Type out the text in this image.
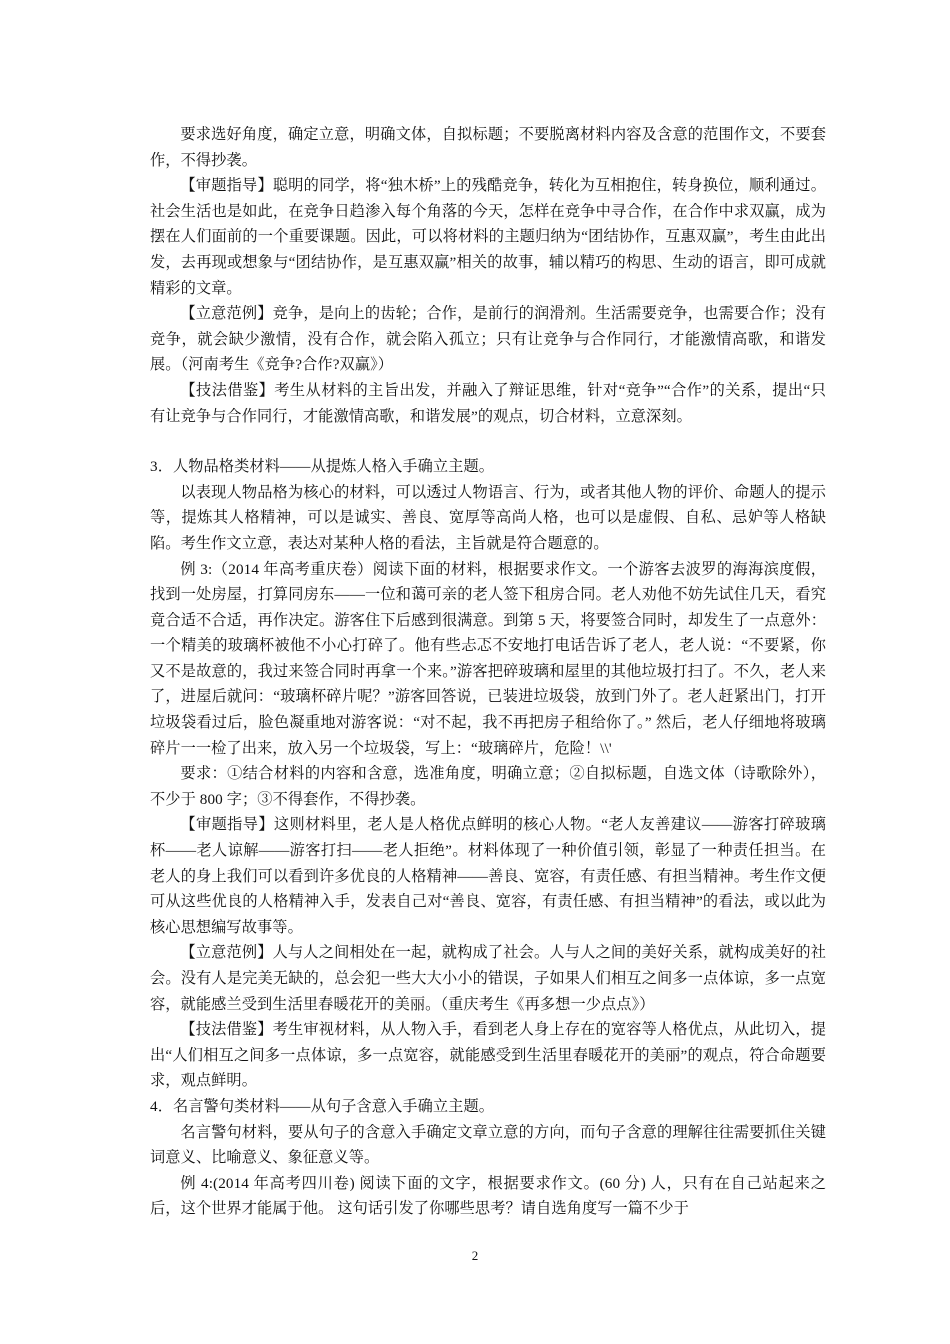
要求选好角度，确定立意，明确文体，自拟标题；不要脱离材料内容及含意的范围作文，不要套作，不得抄袭。

【审题指导】聪明的同学，将“独木桥”上的残酷竞争，转化为互相抱住，转身换位，顺利通过。社会生活也是如此，在竞争日趋渗入每个角落的今天，怎样在竞争中寻合作，在合作中求双赢，成为摆在人们面前的一个重要课题。因此，可以将材料的主题归纳为“团结协作，互惠双赢”，考生由此出发，去再现或想象与“团结协作，是互惠双赢”相关的故事，辅以精巧的构思、生动的语言，即可成就精彩的文章。

【立意范例】竞争，是向上的齿轮；合作，是前行的润滑剂。生活需要竞争，也需要合作；没有竞争，就会缺少激情，没有合作，就会陷入孤立；只有让竞争与合作同行，才能激情高歌，和谐发展。（河南考生《竞争?合作?双赢》）

【技法借鉴】考生从材料的主旨出发，并融入了辩证思维，针对“竞争”“合作”的关系，提出“只有让竞争与合作同行，才能激情高歌，和谐发展”的观点，切合材料，立意深刻。

3．人物品格类材料——从提炼人格入手确立主题。

以表现人物品格为核心的材料，可以透过人物语言、行为，或者其他人物的评价、命题人的提示等，提炼其人格精神，可以是诚实、善良、宽厚等高尚人格，也可以是虚假、自私、忌妒等人格缺陷。考生作文立意，表达对某种人格的看法，主旨就是符合题意的。

例 3:（2014 年高考重庆卷）阅读下面的材料，根据要求作文。一个游客去波罗的海海滨度假，找到一处房屋，打算同房东——一位和蔼可亲的老人签下租房合同。老人劝他不妨先试住几天，看究竟合适不合适，再作决定。游客住下后感到很满意。到第 5 天，将要签合同时，却发生了一点意外：一个精美的玻璃杯被他不小心打碎了。他有些忐忑不安地打电话告诉了老人，老人说：“不要紧，你又不是故意的，我过来签合同时再拿一个来。”游客把碎玻璃和屋里的其他垃圾打扫了。不久，老人来了，进屋后就问：“玻璃杯碎片呢？”游客回答说，已装进垃圾袋，放到门外了。老人赶紧出门，打开垃圾袋看过后，脸色凝重地对游客说：“对不起，我不再把房子租给你了。” 然后，老人仔细地将玻璃碎片一一检了出来，放入另一个垃圾袋，写上：“玻璃碎片，危险！\\'

要求：①结合材料的内容和含意，选准角度，明确立意；②自拟标题，自选文体（诗歌除外），不少于 800 字；③不得套作，不得抄袭。

【审题指导】这则材料里，老人是人格优点鲜明的核心人物。“老人友善建议——游客打碎玻璃杯——老人谅解——游客打扫——老人拒绝”。材料体现了一种价值引领，彰显了一种责任担当。在老人的身上我们可以看到许多优良的人格精神——善良、宽容，有责任感、有担当精神。考生作文便可从这些优良的人格精神入手，发表自己对“善良、宽容，有责任感、有担当精神”的看法，或以此为核心思想编写故事等。

【立意范例】人与人之间相处在一起，就构成了社会。人与人之间的美好关系，就构成美好的社会。没有人是完美无缺的，总会犯一些大大小小的错误，子如果人们相互之间多一点体谅，多一点宽容，就能感兰受到生活里春暖花开的美丽。（重庆考生《再多想一少点点》）

【技法借鉴】考生审视材料，从人物入手，看到老人身上存在的宽容等人格优点，从此切入，提出“人们相互之间多一点体谅，多一点宽容，就能感受到生活里春暖花开的美丽”的观点，符合命题要求，观点鲜明。

4．名言警句类材料——从句子含意入手确立主题。

名言警句材料，要从句子的含意入手确定文章立意的方向，而句子含意的理解往往需要抓住关键词意义、比喻意义、象征意义等。

例 4:(2014 年高考四川卷) 阅读下面的文字，根据要求作文。(60 分) 人，只有在自己站起来之后，这个世界才能属于他。 这句话引发了你哪些思考？请自选角度写一篇不少于

2
